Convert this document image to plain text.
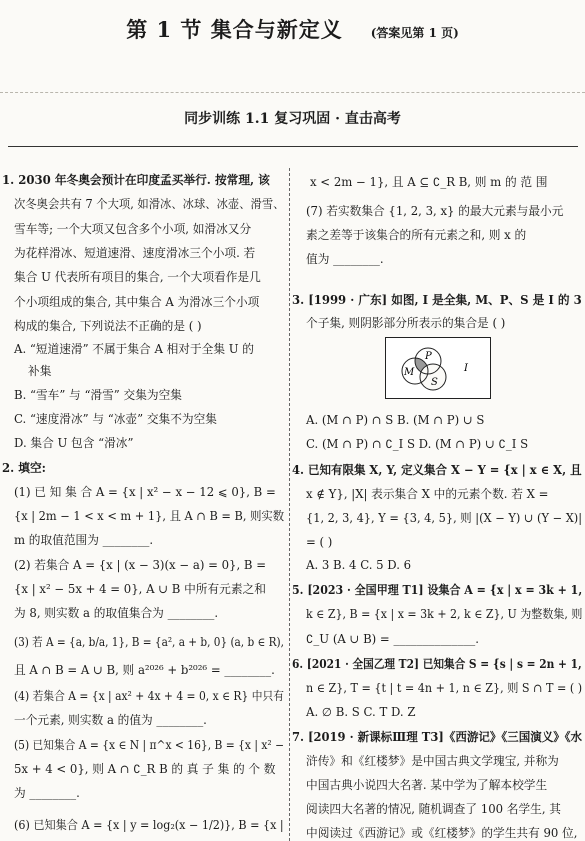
第 1 节 集合与新定义 (答案见第 1 页)
同步训练 1.1 复习巩固 · 直击高考
1. 2030 年冬奥会预计在印度孟买举行. 按常理, 该
次冬奥会共有 7 个大项, 如滑冰、冰球、冰壶、滑雪、
雪车等; 一个大项又包含多个小项, 如滑冰又分
为花样滑冰、短道速滑、速度滑冰三个小项. 若
集合 U 代表所有项目的集合, 一个大项看作是几
个小项组成的集合, 其中集合 A 为滑冰三个小项
构成的集合, 下列说法不正确的是 ( )
A. “短道速滑” 不属于集合 A 相对于全集 U 的
补集
B. “雪车” 与 “滑雪” 交集为空集
C. “速度滑冰” 与 “冰壶” 交集不为空集
D. 集合 U 包含 “滑冰”
2. 填空:
(1) 已 知 集 合 A = {x | x² − x − 12 ⩽ 0}, B =
{x | 2m − 1 < x < m + 1}, 且 A ∩ B = B, 则实数
m 的取值范围为 ________.
(2) 若集合 A = {x | (x − 3)(x − a) = 0}, B =
{x | x² − 5x + 4 = 0}, A ∪ B 中所有元素之和
为 8, 则实数 a 的取值集合为 ________.
(3) 若 A = {a, b/a, 1}, B = {a², a + b, 0} (a, b ∈ R),
且 A ∩ B = A ∪ B, 则 a²⁰²⁶ + b²⁰²⁶ = ________.
(4) 若集合 A = {x | ax² + 4x + 4 = 0, x ∈ R} 中只有
一个元素, 则实数 a 的值为 ________.
(5) 已知集合 A = {x ∈ N | π^x < 16}, B = {x | x² −
5x + 4 < 0}, 则 A ∩ ∁_R B 的 真 子 集 的 个 数
为 ________.
(6) 已知集合 A = {x | y = log₂(x − 1/2)}, B = {x |
x < 2m − 1}, 且 A ⊆ ∁_R B, 则 m 的 范 围
(7) 若实数集合 {1, 2, 3, x} 的最大元素与最小元
素之差等于该集合的所有元素之和, 则 x 的
值为 ________.
3. [1999 · 广东] 如图, I 是全集, M、P、S 是 I 的 3
个子集, 则阴影部分所表示的集合是 ( )
P
M
S
I
A. (M ∩ P) ∩ S B. (M ∩ P) ∪ S
C. (M ∩ P) ∩ ∁_I S D. (M ∩ P) ∪ ∁_I S
4. 已知有限集 X, Y, 定义集合 X − Y = {x | x ∈ X, 且
x ∉ Y}, |X| 表示集合 X 中的元素个数. 若 X =
{1, 2, 3, 4}, Y = {3, 4, 5}, 则 |(X − Y) ∪ (Y − X)|
= ( )
A. 3 B. 4 C. 5 D. 6
5. [2023 · 全国甲理 T1] 设集合 A = {x | x = 3k + 1,
k ∈ Z}, B = {x | x = 3k + 2, k ∈ Z}, U 为整数集, 则
∁_U (A ∪ B) = ______________.
6. [2021 · 全国乙理 T2] 已知集合 S = {s | s = 2n + 1,
n ∈ Z}, T = {t | t = 4n + 1, n ∈ Z}, 则 S ∩ T = ( )
A. ∅ B. S C. T D. Z
7. [2019 · 新课标Ⅲ理 T3]《西游记》《三国演义》《水
浒传》和《红楼梦》是中国古典文学瑰宝, 并称为
中国古典小说四大名著. 某中学为了解本校学生
阅读四大名著的情况, 随机调查了 100 名学生, 其
中阅读过《西游记》或《红楼梦》的学生共有 90 位,
